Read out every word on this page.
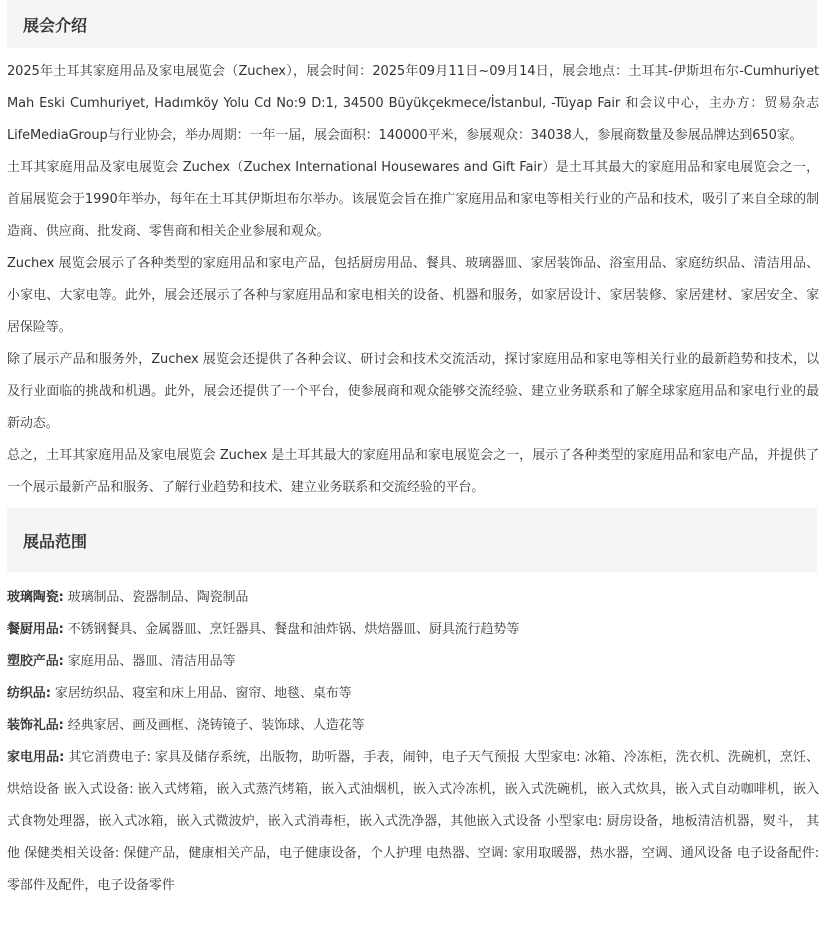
展会介绍

2025年土耳其家庭用品及家电展览会（Zuchex），展会时间：2025年09月11日~09月14日，展会地点：土耳其-伊斯坦布尔-Cumhuriyet Mah Eski Cumhuriyet, Hadımköy Yolu Cd No:9 D:1, 34500 Büyükçekmece/İstanbul, -Tüyap Fair 和会议中心，主办方：贸易杂志LifeMediaGroup与行业协会，举办周期：一年一届，展会面积：140000平米，参展观众：34038人，参展商数量及参展品牌达到650家。

土耳其家庭用品及家电展览会 Zuchex（Zuchex International Housewares and Gift Fair）是土耳其最大的家庭用品和家电展览会之一，首届展览会于1990年举办，每年在土耳其伊斯坦布尔举办。该展览会旨在推广家庭用品和家电等相关行业的产品和技术，吸引了来自全球的制造商、供应商、批发商、零售商和相关企业参展和观众。

Zuchex 展览会展示了各种类型的家庭用品和家电产品，包括厨房用品、餐具、玻璃器皿、家居装饰品、浴室用品、家庭纺织品、清洁用品、小家电、大家电等。此外，展会还展示了各种与家庭用品和家电相关的设备、机器和服务，如家居设计、家居装修、家居建材、家居安全、家居保险等。

除了展示产品和服务外，Zuchex 展览会还提供了各种会议、研讨会和技术交流活动，探讨家庭用品和家电等相关行业的最新趋势和技术，以及行业面临的挑战和机遇。此外，展会还提供了一个平台，使参展商和观众能够交流经验、建立业务联系和了解全球家庭用品和家电行业的最新动态。

总之，土耳其家庭用品及家电展览会 Zuchex 是土耳其最大的家庭用品和家电展览会之一，展示了各种类型的家庭用品和家电产品，并提供了一个展示最新产品和服务、了解行业趋势和技术、建立业务联系和交流经验的平台。

展品范围

玻璃陶瓷: 玻璃制品、瓷器制品、陶瓷制品

餐厨用品: 不锈钢餐具、金属器皿、烹饪器具、餐盘和油炸锅、烘焙器皿、厨具流行趋势等

塑胶产品: 家庭用品、器皿、清洁用品等

纺织品: 家居纺织品、寝室和床上用品、窗帘、地毯、桌布等

装饰礼品: 经典家居、画及画框、浇铸镜子、装饰球、人造花等

家电用品: 其它消费电子: 家具及储存系统，出版物，助听器，手表，闹钟，电子天气预报 大型家电: 冰箱、冷冻柜，洗衣机、洗碗机，烹饪、烘焙设备 嵌入式设备: 嵌入式烤箱，嵌入式蒸汽烤箱，嵌入式油烟机，嵌入式冷冻机，嵌入式洗碗机，嵌入式炊具，嵌入式自动咖啡机，嵌入式食物处理器，嵌入式冰箱，嵌入式微波炉，嵌入式消毒柜，嵌入式洗净器，其他嵌入式设备 小型家电: 厨房设备，地板清洁机器，熨斗， 其他 保健类相关设备: 保健产品，健康相关产品，电子健康设备，个人护理 电热器、空调: 家用取暖器，热水器，空调、通风设备 电子设备配件: 零部件及配件，电子设备零件
